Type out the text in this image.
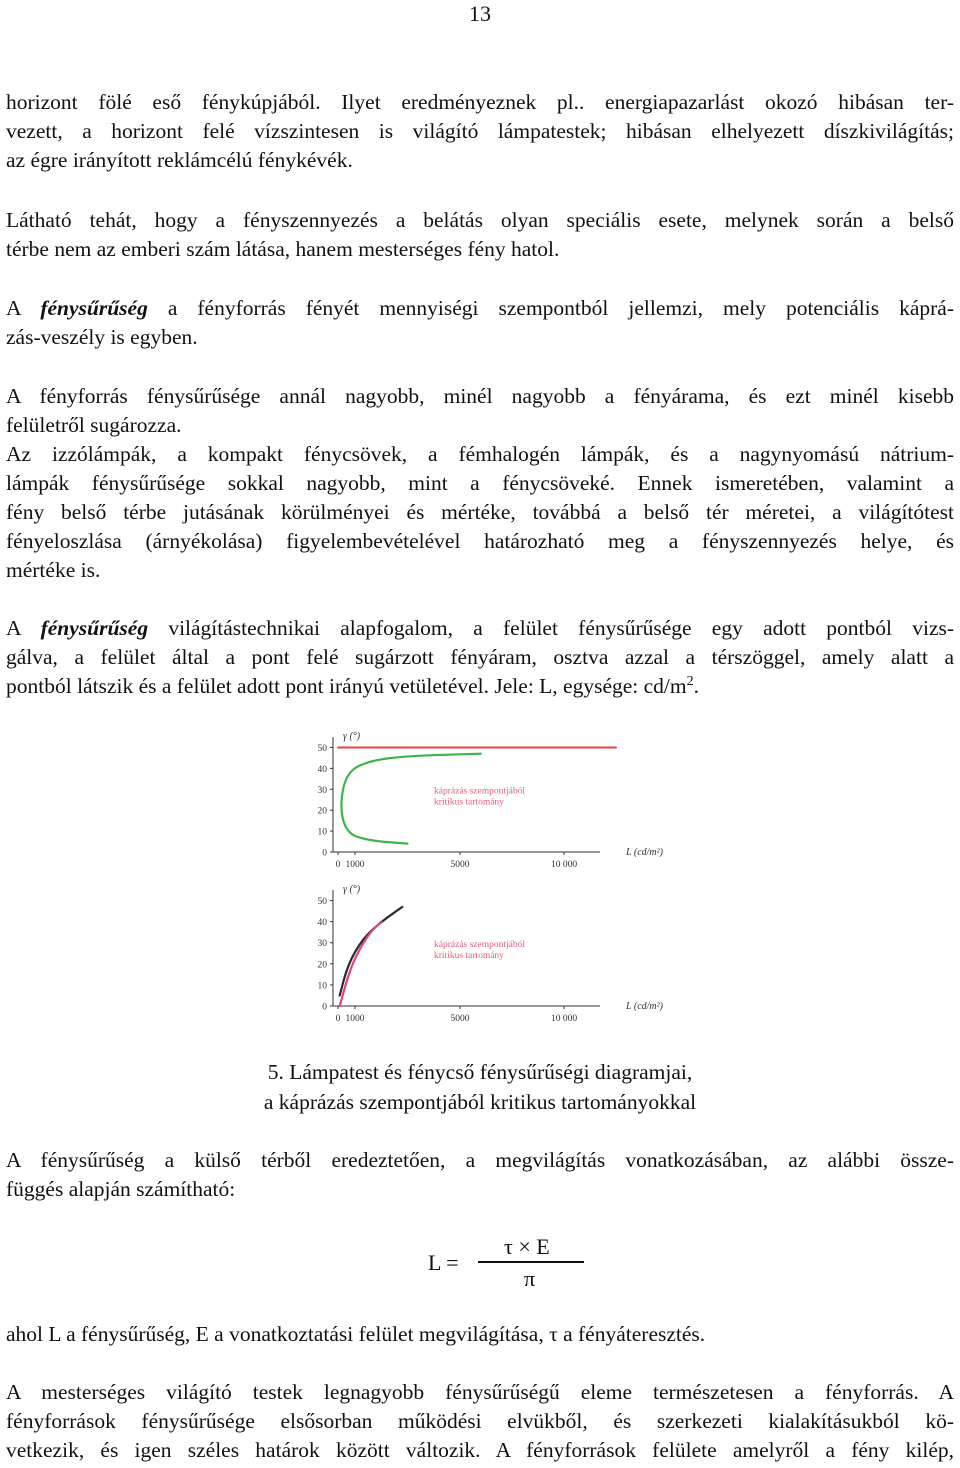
13
horizont fölé eső fénykúpjából. Ilyet eredményeznek pl.. energiapazarlást okozó hibásan ter-
vezett, a horizont felé vízszintesen is világító lámpatestek; hibásan elhelyezett díszkivilágítás;
az égre irányított reklámcélú fénykévék.
Látható tehát, hogy a fényszennyezés a belátás olyan speciális esete, melynek során a belső
térbe nem az emberi szám látása, hanem mesterséges fény hatol.
A fénysűrűség a fényforrás fényét mennyiségi szempontból jellemzi, mely potenciális káprá-
zás-veszély is egyben.
A fényforrás fénysűrűsége annál nagyobb, minél nagyobb a fényárama, és ezt minél kisebb
felületről sugározza.
Az izzólámpák, a kompakt fénycsövek, a fémhalogén lámpák, és a nagynyomású nátrium-
lámpák fénysűrűsége sokkal nagyobb, mint a fénycsöveké. Ennek ismeretében, valamint a
fény belső térbe jutásának körülményei és mértéke, továbbá a belső tér méretei, a világítótest
fényeloszlása (árnyékolása) figyelembevételével határozható meg a fényszennyezés helye, és
mértéke is.
A fénysűrűség világítástechnikai alapfogalom, a felület fénysűrűsége egy adott pontból vizs-
gálva, a felület által a pont felé sugárzott fényáram, osztva azzal a térszöggel, amely alatt a
pontból látszik és a felület adott pont irányú vetületével. Jele: L, egysége: $cd/m^2$.
50
40
30
20
10
0
0 1000	5000	10 000
γ (°)
L (cd/m²)
káprázás szempontjából
kritikus tartomány
50
40
30
20
10
0
0 1000	5000	10 000
γ (°)
L (cd/m²)
káprázás szempontjából
kritikus tartomány
5. Lámpatest és fénycső fénysűrűségi diagramjai,
a káprázás szempontjából kritikus tartományokkal
A fénysűrűség a külső térből eredeztetően, a megvilágítás vonatkozásában, az alábbi össze-
függés alapján számítható:
L =
τ × E
π
ahol L a fénysűrűség, E a vonatkoztatási felület megvilágítása, τ a fényáteresztés.
A mesterséges világító testek legnagyobb fénysűrűségű eleme természetesen a fényforrás. A
fényforrások fénysűrűsége elsősorban működési elvükből, és szerkezeti kialakításukból kö-
vetkezik, és igen széles határok között változik. A fényforrások felülete amelyről a fény kilép,
